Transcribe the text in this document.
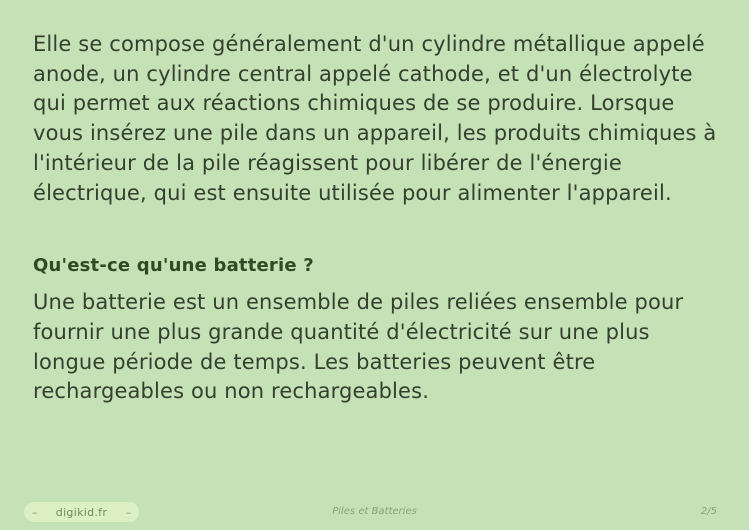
Elle se compose généralement d'un cylindre métallique appelé anode, un cylindre central appelé cathode, et d'un électrolyte qui permet aux réactions chimiques de se produire. Lorsque vous insérez une pile dans un appareil, les produits chimiques à l'intérieur de la pile réagissent pour libérer de l'énergie électrique, qui est ensuite utilisée pour alimenter l'appareil.

Qu'est-ce qu'une batterie ?

Une batterie est un ensemble de piles reliées ensemble pour fournir une plus grande quantité d'électricité sur une plus longue période de temps. Les batteries peuvent être rechargeables ou non rechargeables.

– digikid.fr –	Piles et Batteries	2/5
